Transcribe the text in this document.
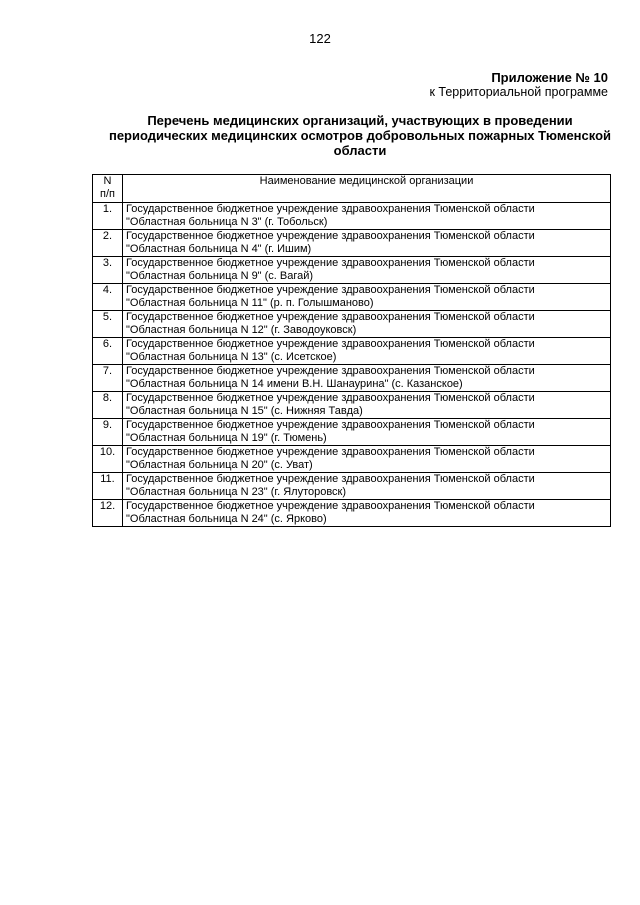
122
Приложение № 10
к Территориальной программе
Перечень медицинских организаций, участвующих в проведении
периодических медицинских осмотров добровольных пожарных Тюменской
области
N
п/п	Наименование медицинской организации
1.	Государственное бюджетное учреждение здравоохранения Тюменской области
"Областная больница N 3" (г. Тобольск)

2.	Государственное бюджетное учреждение здравоохранения Тюменской области
"Областная больница N 4" (г. Ишим)

3.	Государственное бюджетное учреждение здравоохранения Тюменской области
"Областная больница N 9" (с. Вагай)

4.	Государственное бюджетное учреждение здравоохранения Тюменской области
"Областная больница N 11" (р. п. Голышманово)

5.	Государственное бюджетное учреждение здравоохранения Тюменской области
"Областная больница N 12" (г. Заводоуковск)

6.	Государственное бюджетное учреждение здравоохранения Тюменской области
"Областная больница N 13" (с. Исетское)

7.	Государственное бюджетное учреждение здравоохранения Тюменской области
"Областная больница N 14 имени В.Н. Шанаурина" (с. Казанское)

8.	Государственное бюджетное учреждение здравоохранения Тюменской области
"Областная больница N 15" (с. Нижняя Тавда)

9.	Государственное бюджетное учреждение здравоохранения Тюменской области
"Областная больница N 19" (г. Тюмень)

10.	Государственное бюджетное учреждение здравоохранения Тюменской области
"Областная больница N 20" (с. Уват)

11.	Государственное бюджетное учреждение здравоохранения Тюменской области
"Областная больница N 23" (г. Ялуторовск)

12.	Государственное бюджетное учреждение здравоохранения Тюменской области
"Областная больница N 24" (с. Ярково)
